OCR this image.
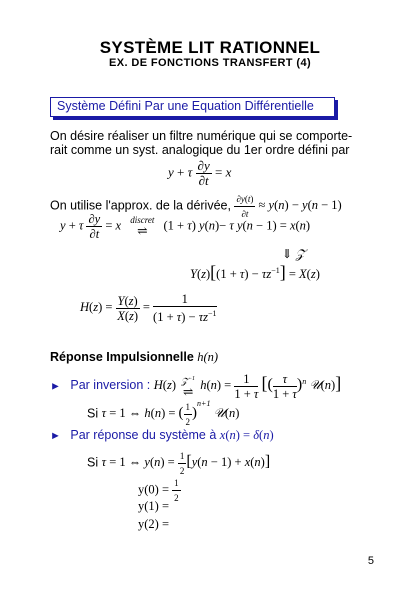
SYSTÈME LIT RATIONNEL
EX. DE FONCTIONS TRANSFERT (4)
Système Défini Par une Equation Différentielle
On désire réaliser un filtre numérique qui se comporte-
rait comme un syst. analogique du 1er ordre défini par
y + τ $\frac{\partial y}{\partial t} = x$
On utilise l'approx. de la dérivée, $\frac{\partial y(t)}{\partial t} \approx y(n) - y(n - 1)$
y + τ $\frac{\partial y}{\partial t} = x$ discret
⇌	(1 + τ) y(n)− τ y(n − 1) = x(n)
⇓ 𝒵
$Y(z)[(1 + \tau) - \tau z^{-1}] = X(z)$
$H(z) = \frac{Y(z)}{X(z)} = \frac{1}{(1 + \tau) - \tau z^{-1}}$
Réponse Impulsionnelle h(n)
► Par inversion : H(z) 𝒵$^{-1}$
⇌ $h(n) = \frac{1}{1 + \tau}$ [( $\frac{\tau}{1 + \tau} )^n$ 𝒰(n)]
Si τ = 1 ⇔ h(n) = ( $\frac{1}{2} )^{n+1}$ 𝒰(n)
► Par réponse du système à x(n) = δ(n)
Si τ = 1 ⇔ $y(n) = \frac{1}{2} [y(n - 1) + x(n)]$
$y(0) = \frac{1}{2}$
y(1) =
y(2) =
5
